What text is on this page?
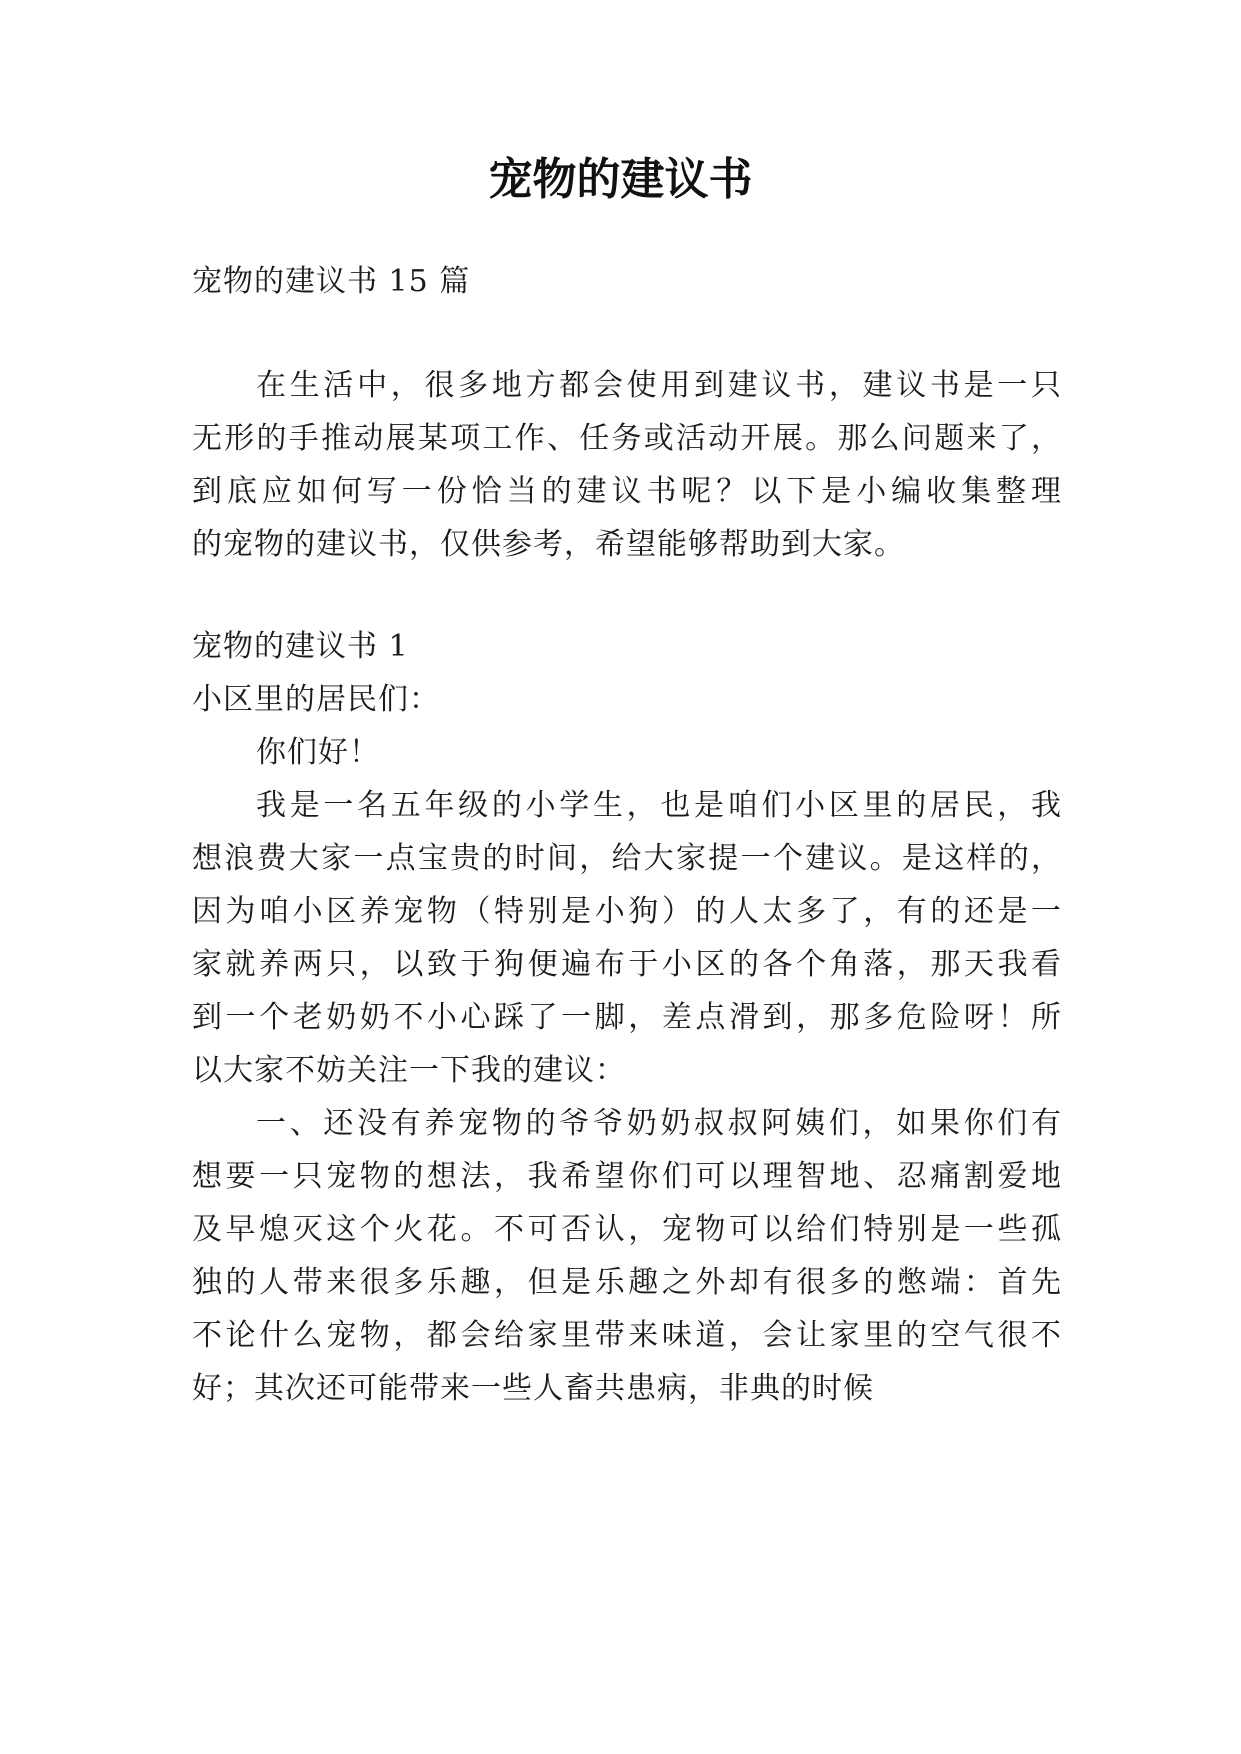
宠物的建议书
宠物的建议书 15 篇
在生活中，很多地方都会使用到建议书，建议书是一只
无形的手推动展某项工作、任务或活动开展。那么问题来了，
到底应如何写一份恰当的建议书呢？以下是小编收集整理
的宠物的建议书，仅供参考，希望能够帮助到大家。
宠物的建议书 1
小区里的居民们：
你们好！
我是一名五年级的小学生，也是咱们小区里的居民，我
想浪费大家一点宝贵的时间，给大家提一个建议。是这样的，
因为咱小区养宠物（特别是小狗）的人太多了，有的还是一
家就养两只，以致于狗便遍布于小区的各个角落，那天我看
到一个老奶奶不小心踩了一脚，差点滑到，那多危险呀！所
以大家不妨关注一下我的建议：
一、还没有养宠物的爷爷奶奶叔叔阿姨们，如果你们有
想要一只宠物的想法，我希望你们可以理智地、忍痛割爱地
及早熄灭这个火花。不可否认，宠物可以给们特别是一些孤
独的人带来很多乐趣，但是乐趣之外却有很多的憋端：首先
不论什么宠物，都会给家里带来味道，会让家里的空气很不
好；其次还可能带来一些人畜共患病，非典的时候
